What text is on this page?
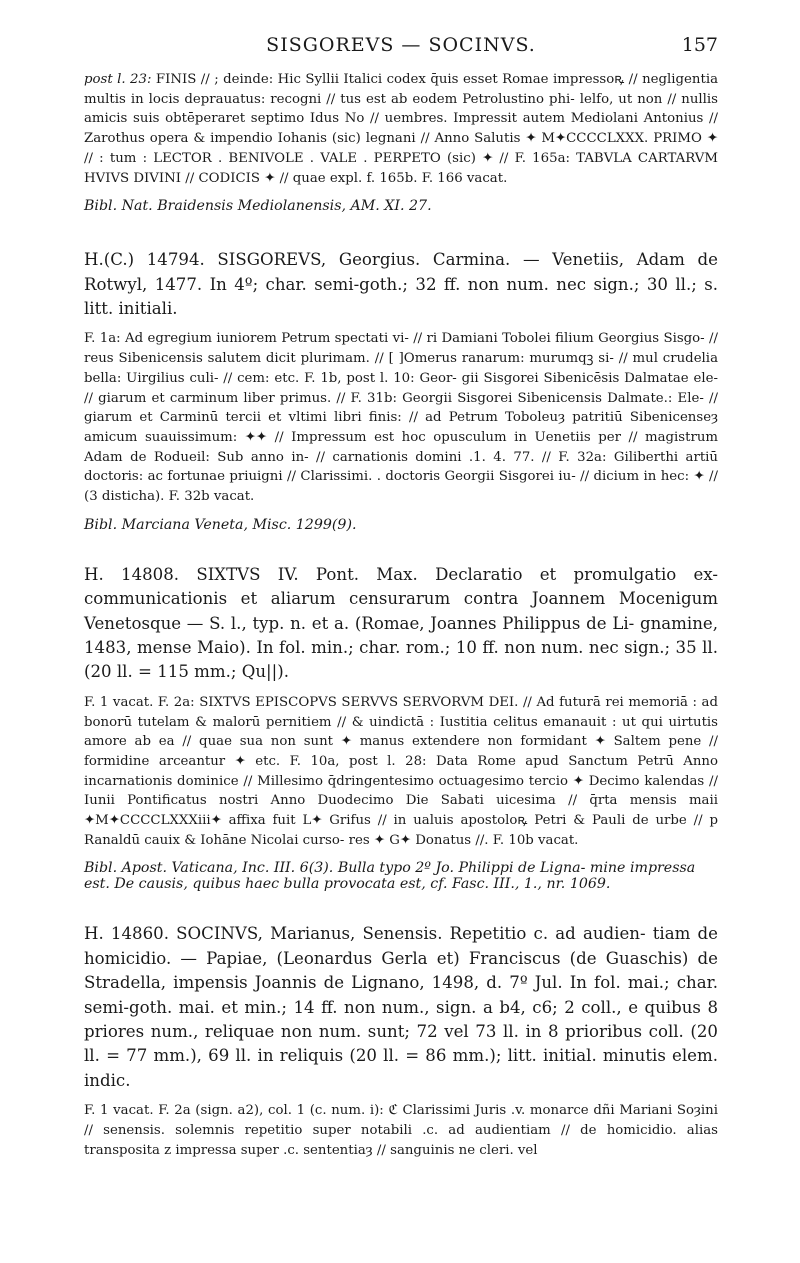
SISGOREVS — SOCINVS.	157

post l. 23: FINIS // ; deinde: Hic Syllii Italici codex q̄uis esset Romae impressoꝶ // negligentia multis in locis deprauatus: recogni // tus est ab eodem Petrolustino phi- lelfo, ut non // nullis amicis suis obtēperaret septimo Idus No // uembres. Impressit autem Mediolani Antonius // Zarothus opera & impendio Iohanis (sic) legnani // Anno Salutis ✦ M✦CCCCLXXX. PRIMO ✦ // : tum : LECTOR . BENIVOLE . VALE . PERPETO (sic) ✦ // F. 165a: TABVLA CARTARVM HVIVS DIVINI // CODICIS ✦ // quae expl. f. 165b. F. 166 vacat.

Bibl. Nat. Braidensis Mediolanensis, AM. XI. 27.

H.(C.) 14794. SISGOREVS, Georgius. Carmina. — Venetiis, Adam de Rotwyl, 1477. In 4º; char. semi-goth.; 32 ff. non num. nec sign.; 30 ll.; s. litt. initiali.

F. 1a: Ad egregium iuniorem Petrum spectati vi- // ri Damiani Tobolei filium Georgius Sisgo- // reus Sibenicensis salutem dicit plurimam. // [ ]Omerus ranarum: murumqꝫ si- // mul crudelia bella: Uirgilius culi- // cem: etc. F. 1b, post l. 10: Geor- gii Sisgorei Sibenicēsis Dalmatae ele- // giarum et carminum liber primus. // F. 31b: Georgii Sisgorei Sibenicensis Dalmate.: Ele- // giarum et Carminū tercii et vltimi libri finis: // ad Petrum Toboleuȝ patritiū Sibenicenseȝ amicum suauissimum: ✦✦ // Impressum est hoc opusculum in Uenetiis per // magistrum Adam de Rodueil: Sub anno in- // carnationis domini .1. 4. 77. // F. 32a: Giliberthi artiū doctoris: ac fortunae priuigni // Clarissimi. . doctoris Georgii Sisgorei iu- // dicium in hec: ✦ // (3 disticha). F. 32b vacat.

Bibl. Marciana Veneta, Misc. 1299(9).

H. 14808. SIXTVS IV. Pont. Max. Declaratio et promulgatio ex- communicationis et aliarum censurarum contra Joannem Mocenigum Venetosque — S. l., typ. n. et a. (Romae, Joannes Philippus de Li- gnamine, 1483, mense Maio). In fol. min.; char. rom.; 10 ff. non num. nec sign.; 35 ll. (20 ll. = 115 mm.; Qu||).

F. 1 vacat. F. 2a: SIXTVS EPISCOPVS SERVVS SERVORVM DEI. // Ad futurā rei memoriā : ad bonorū tutelam & malorū pernitiem // & uindictā : Iustitia celitus emanauit : ut qui uirtutis amore ab ea // quae sua non sunt ✦ manus extendere non formidant ✦ Saltem pene // formidine arceantur ✦ etc. F. 10a, post l. 28: Data Rome apud Sanctum Petrū Anno incarnationis dominice // Millesimo q̄dringentesimo octuagesimo tercio ✦ Decimo kalendas // Iunii Pontificatus nostri Anno Duodecimo Die Sabati uicesima // q̄rta mensis maii ✦M✦CCCCLXXXiii✦ affixa fuit L✦ Grifus // in ualuis apostoloꝶ Petri & Pauli de urbe // p Ranaldū cauix & Iohāne Nicolai curso- res ✦ G✦ Donatus //. F. 10b vacat.

Bibl. Apost. Vaticana, Inc. III. 6(3). Bulla typo 2º Jo. Philippi de Ligna- mine impressa est. De causis, quibus haec bulla provocata est, cf. Fasc. III., 1., nr. 1069.

H. 14860. SOCINVS, Marianus, Senensis. Repetitio c. ad audien- tiam de homicidio. — Papiae, (Leonardus Gerla et) Franciscus (de Guaschis) de Stradella, impensis Joannis de Lignano, 1498, d. 7º Jul. In fol. mai.; char. semi-goth. mai. et min.; 14 ff. non num., sign. a b4, c6; 2 coll., e quibus 8 priores num., reliquae non num. sunt; 72 vel 73 ll. in 8 prioribus coll. (20 ll. = 77 mm.), 69 ll. in reliquis (20 ll. = 86 mm.); litt. initial. minutis elem. indic.

F. 1 vacat. F. 2a (sign. a2), col. 1 (c. num. i): ℭ Clarissimi Juris .v. monarce dñi Mariani Soȝini // senensis. solemnis repetitio super notabili .c. ad audientiam // de homicidio. alias transposita z impressa super .c. sententiaȝ // sanguinis ne cleri. vel
